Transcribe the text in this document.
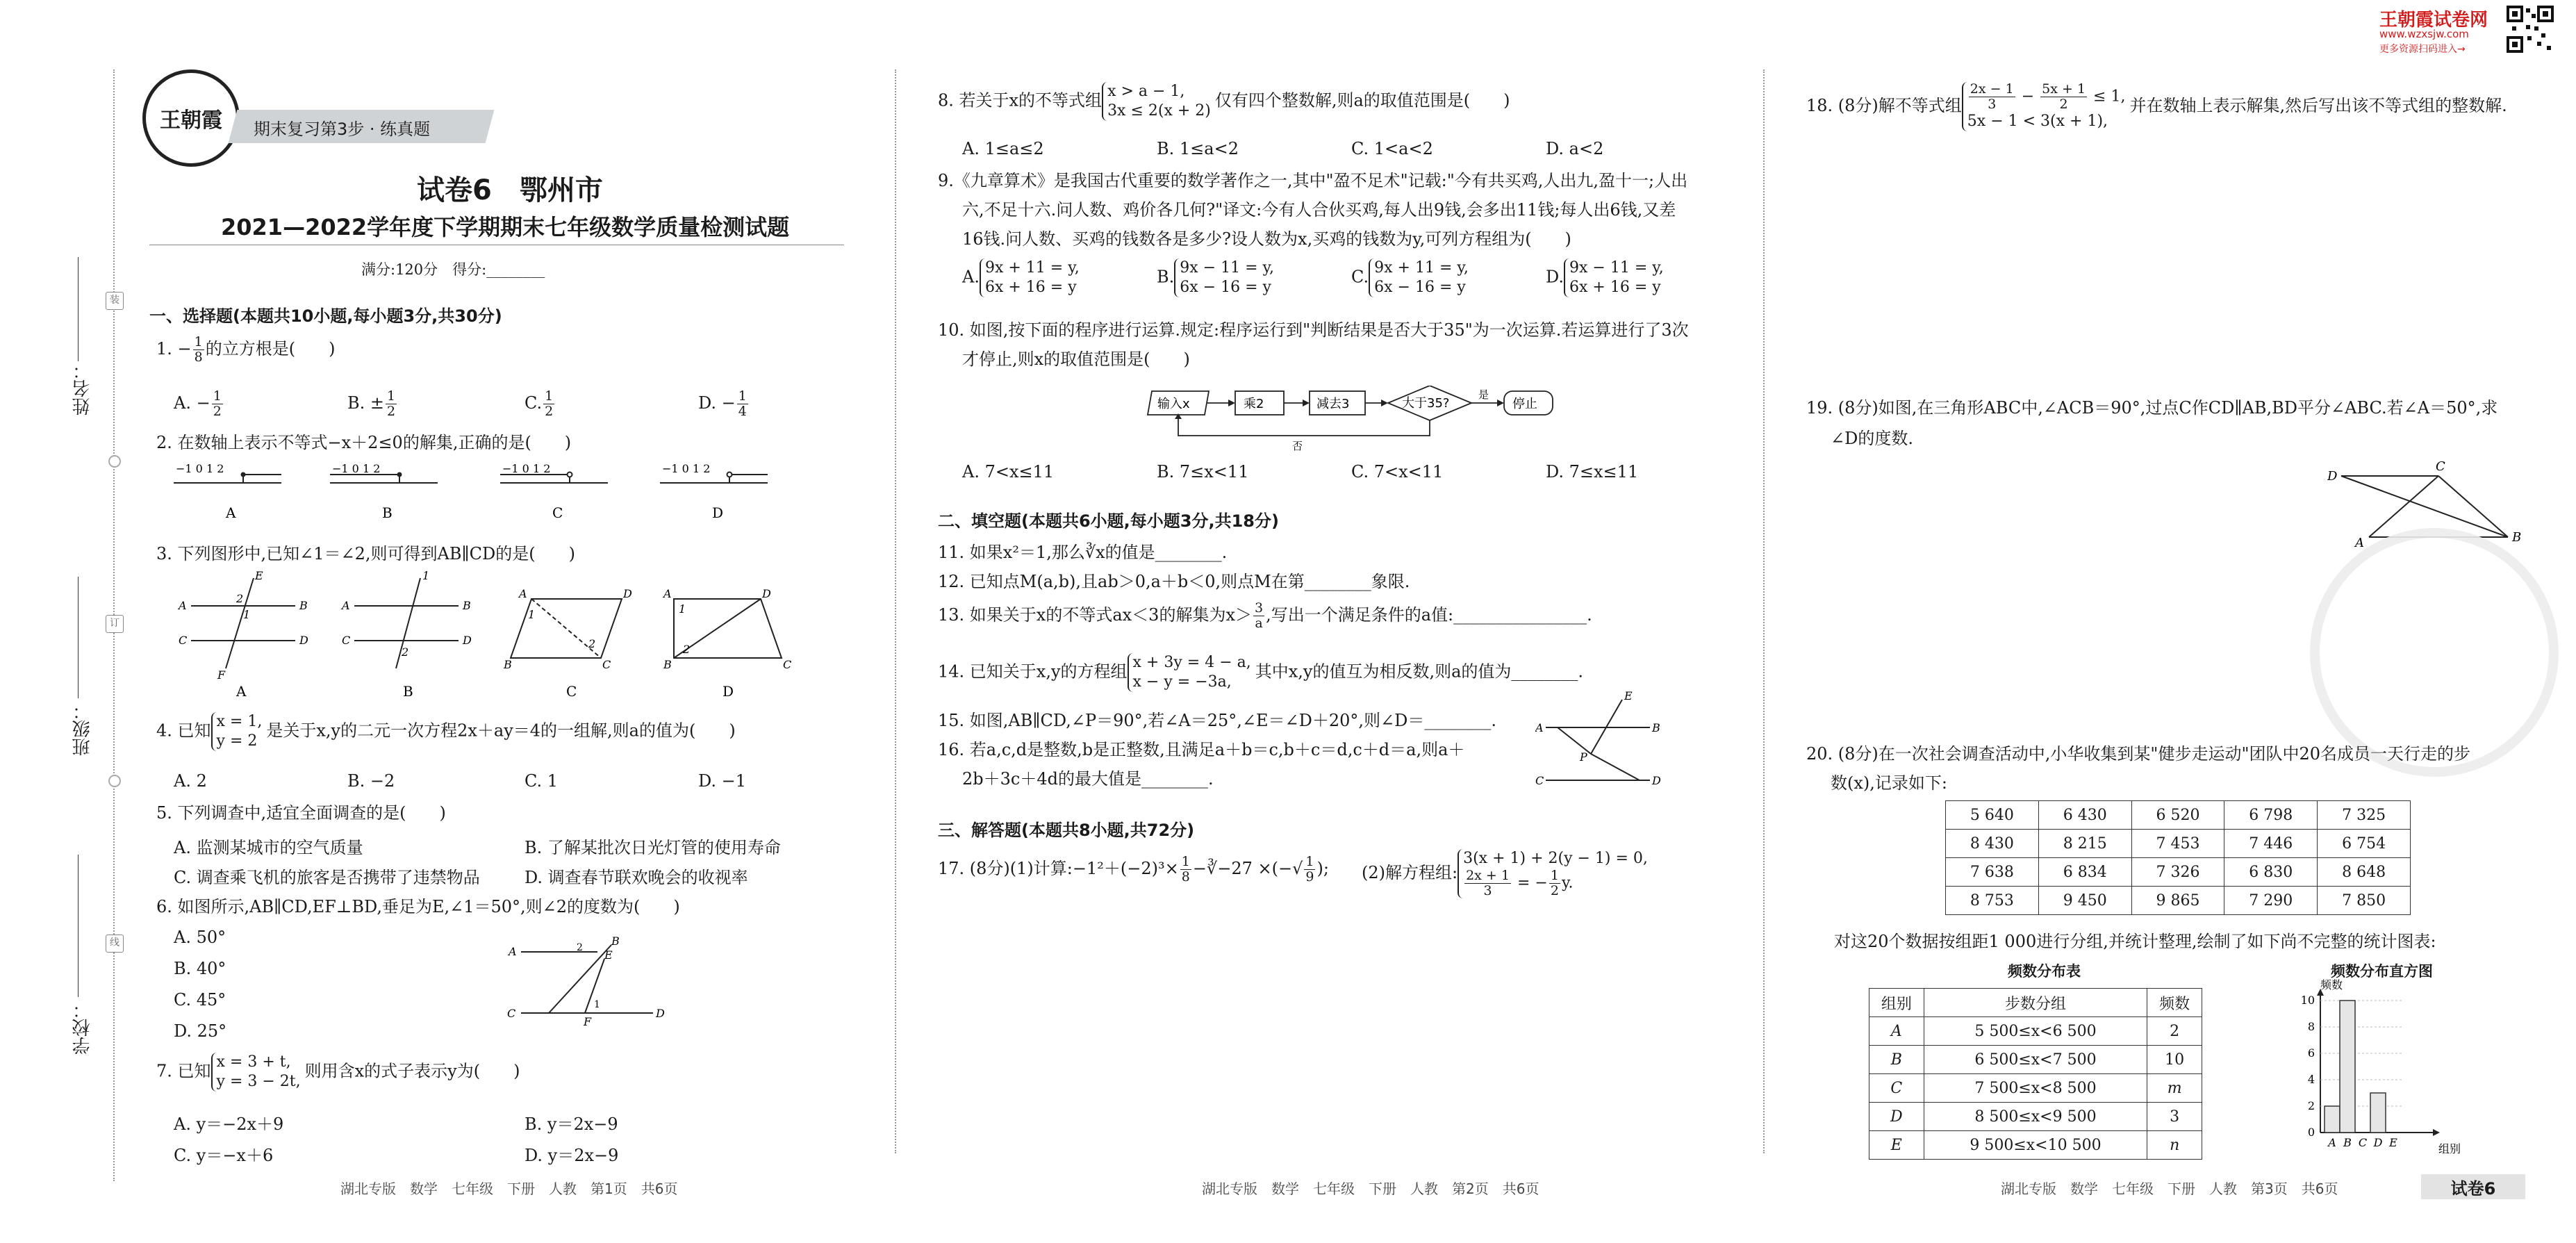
姓名：
班级：
学校：
装
订
线
王朝霞 期末复习第3步 · 练真题
试卷6　鄂州市
2021—2022学年度下学期期末七年级数学质量检测试题
满分:120分　得分:________
王朝霞试卷网
www.wzxsjw.com
更多资源扫码进入→
一、选择题(本题共10小题,每小题3分,共30分)
1. − $\frac{1}{8}$ 的立方根是(　　)
A. − $\frac{1}{2}$	B. ± $\frac{1}{2}$	C. $\frac{1}{2}$	D. − $\frac{1}{4}$
2. 在数轴上表示不等式−x＋2≤0的解集,正确的是(　　)
−1 0 1 2	−1 0 1 2	−1 0 1 2	−1 0 1 2
A	B	C	D
3. 下列图形中,已知∠1＝∠2,则可得到AB∥CD的是(　　)
A	B
C	D
E
F
2
1
A	B
C	D
1
2
A	D
B	C
1
2
A	D
B	C
1
2
A	B	C	D
4. 已知 x = 1,
y = 2是关于x,y的二元一次方程2x＋ay＝4的一组解,则a的值为(　　)
A. 2	B. −2	C. 1	D. −1
5. 下列调查中,适宜全面调查的是(　　)
A. 监测某城市的空气质量	B. 了解某批次日光灯管的使用寿命
C. 调查乘飞机的旅客是否携带了违禁物品	D. 调查春节联欢晚会的收视率
6. 如图所示,AB∥CD,EF⊥BD,垂足为E,∠1＝50°,则∠2的度数为(　　)
A. 50°
B. 40°
C. 45°
D. 25°
A
B
E
C	D
F
2
1
7. 已知 x = 3 + t,
y = 3 − 2t,则用含x的式子表示y为(　　)
A. y＝−2x＋9	B. y＝2x−9
C. y＝−x＋6	D. y＝2x−9
8. 若关于x的不等式组 x > a − 1,
3x ≤ 2(x + 2)仅有四个整数解,则a的取值范围是(　　)
A. 1≤a≤2	B. 1≤a<2	C. 1<a<2	D. a<2
9.《九章算术》是我国古代重要的数学著作之一,其中"盈不足术"记载:"今有共买鸡,人出九,盈十一;人出
六,不足十六.问人数、鸡价各几何?"译文:今有人合伙买鸡,每人出9钱,会多出11钱;每人出6钱,又差
16钱.问人数、买鸡的钱数各是多少?设人数为x,买鸡的钱数为y,可列方程组为(　　)
A. 9x + 11 = y,
6x + 16 = y
B. 9x − 11 = y,
6x − 16 = y
C. 9x + 11 = y,
6x − 16 = y
D. 9x − 11 = y,
6x + 16 = y
10. 如图,按下面的程序进行运算.规定:程序运行到"判断结果是否大于35"为一次运算.若运算进行了3次
才停止,则x的取值范围是(　　)
输入x	乘2	减去3	大于35?
是
停止
否
A. 7<x≤11	B. 7≤x<11	C. 7<x<11	D. 7≤x≤11
二、填空题(本题共6小题,每小题3分,共18分)
11. 如果x²＝1,那么∛x的值是________.
12. 已知点M(a,b),且ab＞0,a＋b＜0,则点M在第________象限.
13. 如果关于x的不等式ax＜3的解集为$x> \frac{3}{a}$ ,写出一个满足条件的a值:________________.
14. 已知关于x,y的方程组 x + 3y = 4 − a,
x − y = −3a,其中x,y的值互为相反数,则a的值为________.
15. 如图,AB∥CD,∠P＝90°,若∠A＝25°,∠E＝∠D＋20°,则∠D＝________.
E
A	B
P
C	D
16. 若a,c,d是整数,b是正整数,且满足a＋b＝c,b＋c＝d,c＋d＝a,则a＋
2b＋3c＋4d的最大值是________.
三、解答题(本题共8小题,共72分)
17. (8分)(1)计算:−1²＋(−2)³× $\frac{1}{8}$ −∛−27 ×(−√ $\frac{1}{9}$ ); (2)解方程组:3(x + 1) + 2(y − 1) = 0,

$\frac{2x + 1}{3}$ = − $\frac{1}{2} y$.
18. (8分)解不等式组 $\frac{2x - 1}{3} - \frac{5x + 1}{2} \le 1$,
5x − 1 < 3(x + 1),并在数轴上表示解集,然后写出该不等式组的整数解.
19. (8分)如图,在三角形ABC中,∠ACB＝90°,过点C作CD∥AB,BD平分∠ABC.若∠A＝50°,求
∠D的度数.
D
C
A	B
20. (8分)在一次社会调查活动中,小华收集到某"健步走运动"团队中20名成员一天行走的步
数(x),记录如下:
5 640	6 430	6 520	6 798	7 325
8 430	8 215	7 453	7 446	6 754
7 638	6 834	7 326	6 830	8 648
8 753	9 450	9 865	7 290	7 850
对这20个数据按组距1 000进行分组,并统计整理,绘制了如下尚不完整的统计图表:
频数分布表
组别	步数分组	频数
A	5 500≤x<6 500	2
B	6 500≤x<7 500	10
C	7 500≤x<8 500	m
D	8 500≤x<9 500	3
E	9 500≤x<10 500	n
频数分布直方图
频数
组别
0
2
4
6
8
10
A B C D E
湖北专版　数学　七年级　下册　人教　第1页　共6页	湖北专版　数学　七年级　下册　人教　第2页　共6页	湖北专版　数学　七年级　下册　人教　第3页　共6页	试卷6
